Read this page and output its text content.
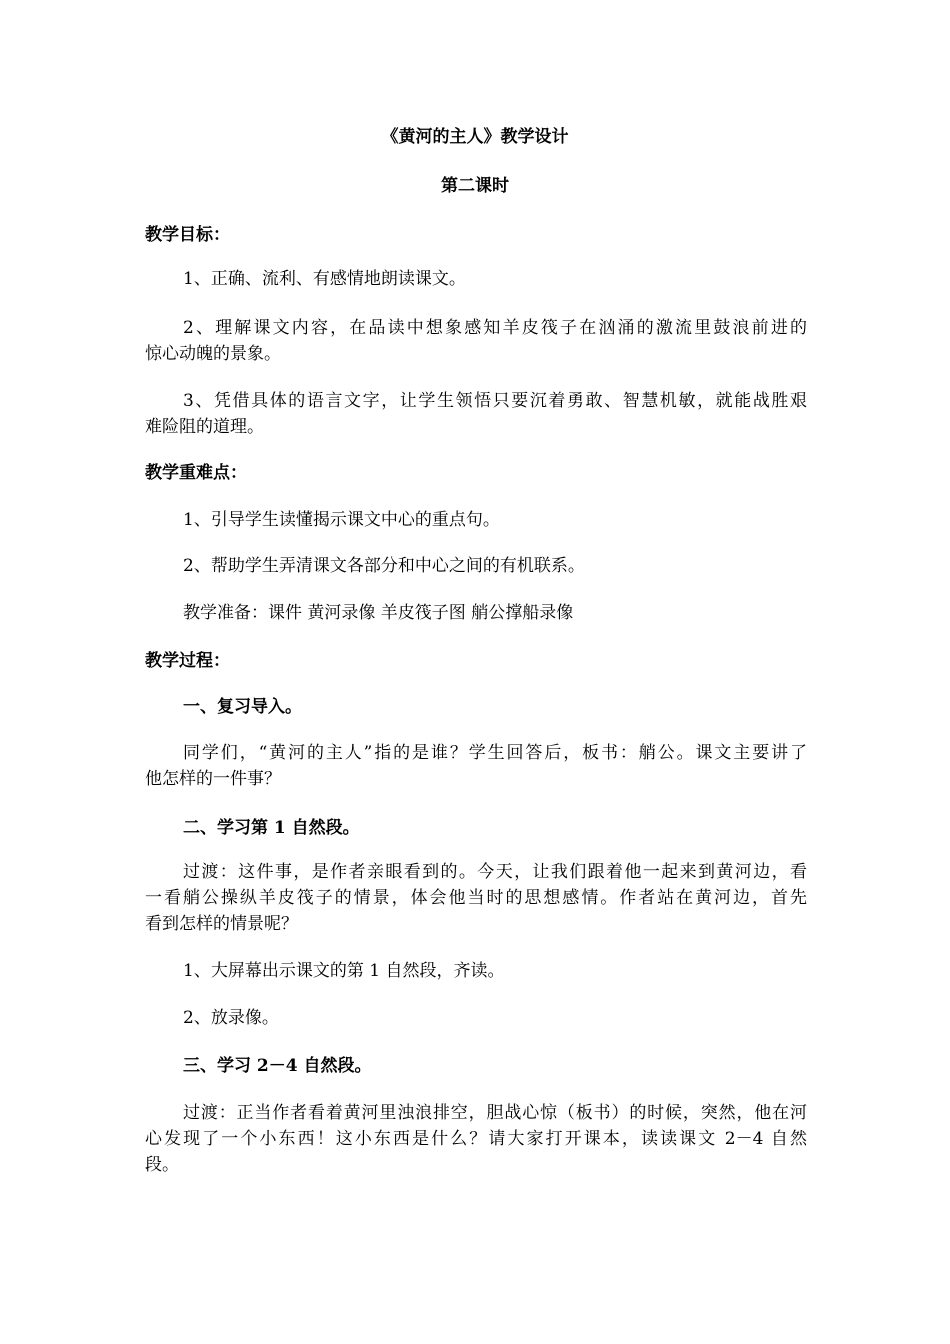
《黄河的主人》教学设计
第二课时
教学目标：
1、正确、流利、有感情地朗读课文。
2、理解课文内容，在品读中想象感知羊皮筏子在汹涌的激流里鼓浪前进的
惊心动魄的景象。
3、凭借具体的语言文字，让学生领悟只要沉着勇敢、智慧机敏，就能战胜艰
难险阻的道理。
教学重难点：
1、引导学生读懂揭示课文中心的重点句。
2、帮助学生弄清课文各部分和中心之间的有机联系。
教学准备：课件 黄河录像 羊皮筏子图 艄公撑船录像
教学过程：
一、复习导入。
同学们，“黄河的主人”指的是谁？学生回答后，板书：艄公。课文主要讲了
他怎样的一件事？
二、学习第 1 自然段。
过渡：这件事，是作者亲眼看到的。今天，让我们跟着他一起来到黄河边，看
一看艄公操纵羊皮筏子的情景，体会他当时的思想感情。作者站在黄河边，首先
看到怎样的情景呢？
1、大屏幕出示课文的第 1 自然段，齐读。
2、放录像。
三、学习 2－4 自然段。
过渡：正当作者看着黄河里浊浪排空，胆战心惊（板书）的时候，突然，他在河
心发现了一个小东西！这小东西是什么？请大家打开课本，读读课文 2－4 自然
段。
